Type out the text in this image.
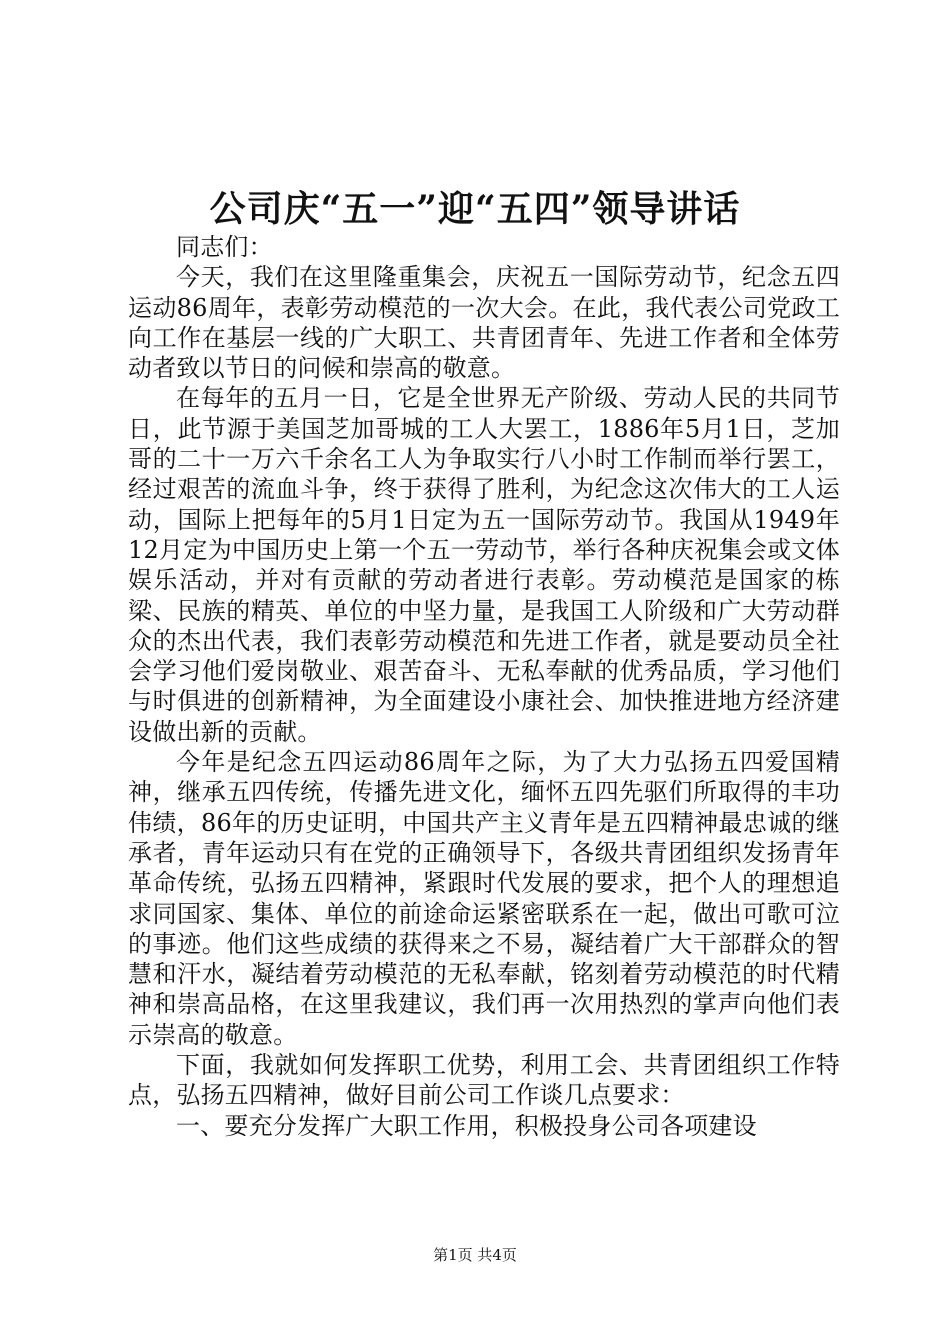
公司庆“五一”迎“五四”领导讲话

同志们：

今天，我们在这里隆重集会，庆祝五一国际劳动节，纪念五四运动86周年，表彰劳动模范的一次大会。在此，我代表公司党政工向工作在基层一线的广大职工、共青团青年、先进工作者和全体劳动者致以节日的问候和崇高的敬意。

在每年的五月一日，它是全世界无产阶级、劳动人民的共同节日，此节源于美国芝加哥城的工人大罢工，1886年5月1日，芝加哥的二十一万六千余名工人为争取实行八小时工作制而举行罢工，经过艰苦的流血斗争，终于获得了胜利，为纪念这次伟大的工人运动，国际上把每年的5月1日定为五一国际劳动节。我国从1949年12月定为中国历史上第一个五一劳动节，举行各种庆祝集会或文体娱乐活动，并对有贡献的劳动者进行表彰。劳动模范是国家的栋梁、民族的精英、单位的中坚力量，是我国工人阶级和广大劳动群众的杰出代表，我们表彰劳动模范和先进工作者，就是要动员全社会学习他们爱岗敬业、艰苦奋斗、无私奉献的优秀品质，学习他们与时俱进的创新精神，为全面建设小康社会、加快推进地方经济建设做出新的贡献。

今年是纪念五四运动86周年之际，为了大力弘扬五四爱国精神，继承五四传统，传播先进文化，缅怀五四先驱们所取得的丰功伟绩，86年的历史证明，中国共产主义青年是五四精神最忠诚的继承者，青年运动只有在党的正确领导下，各级共青团组织发扬青年革命传统，弘扬五四精神，紧跟时代发展的要求，把个人的理想追求同国家、集体、单位的前途命运紧密联系在一起，做出可歌可泣的事迹。他们这些成绩的获得来之不易，凝结着广大干部群众的智慧和汗水，凝结着劳动模范的无私奉献，铭刻着劳动模范的时代精神和崇高品格，在这里我建议，我们再一次用热烈的掌声向他们表示崇高的敬意。

下面，我就如何发挥职工优势，利用工会、共青团组织工作特点，弘扬五四精神，做好目前公司工作谈几点要求：

一、要充分发挥广大职工作用，积极投身公司各项建设

第1页 共4页
